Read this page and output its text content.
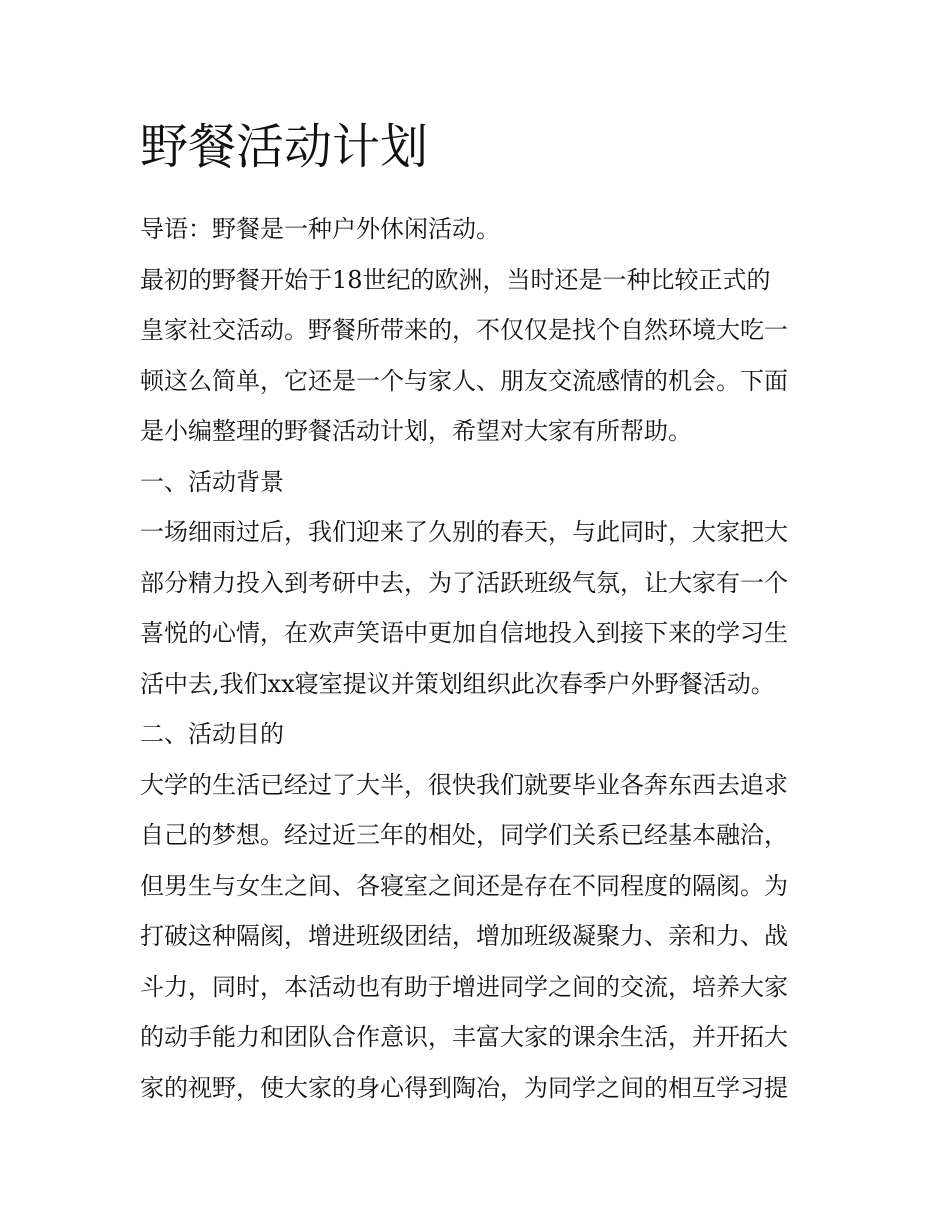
野餐活动计划

导语：野餐是一种户外休闲活动。

最初的野餐开始于18世纪的欧洲，当时还是一种比较正式的

皇家社交活动。野餐所带来的，不仅仅是找个自然环境大吃一

顿这么简单，它还是一个与家人、朋友交流感情的机会。下面

是小编整理的野餐活动计划，希望对大家有所帮助。

一、活动背景

一场细雨过后，我们迎来了久别的春天，与此同时，大家把大

部分精力投入到考研中去，为了活跃班级气氛，让大家有一个

喜悦的心情，在欢声笑语中更加自信地投入到接下来的学习生

活中去,我们xx寝室提议并策划组织此次春季户外野餐活动。

二、活动目的

大学的生活已经过了大半，很快我们就要毕业各奔东西去追求

自己的梦想。经过近三年的相处，同学们关系已经基本融洽，

但男生与女生之间、各寝室之间还是存在不同程度的隔阂。为

打破这种隔阂，增进班级团结，增加班级凝聚力、亲和力、战

斗力，同时，本活动也有助于增进同学之间的交流，培养大家

的动手能力和团队合作意识，丰富大家的课余生活，并开拓大

家的视野，使大家的身心得到陶冶，为同学之间的相互学习提
